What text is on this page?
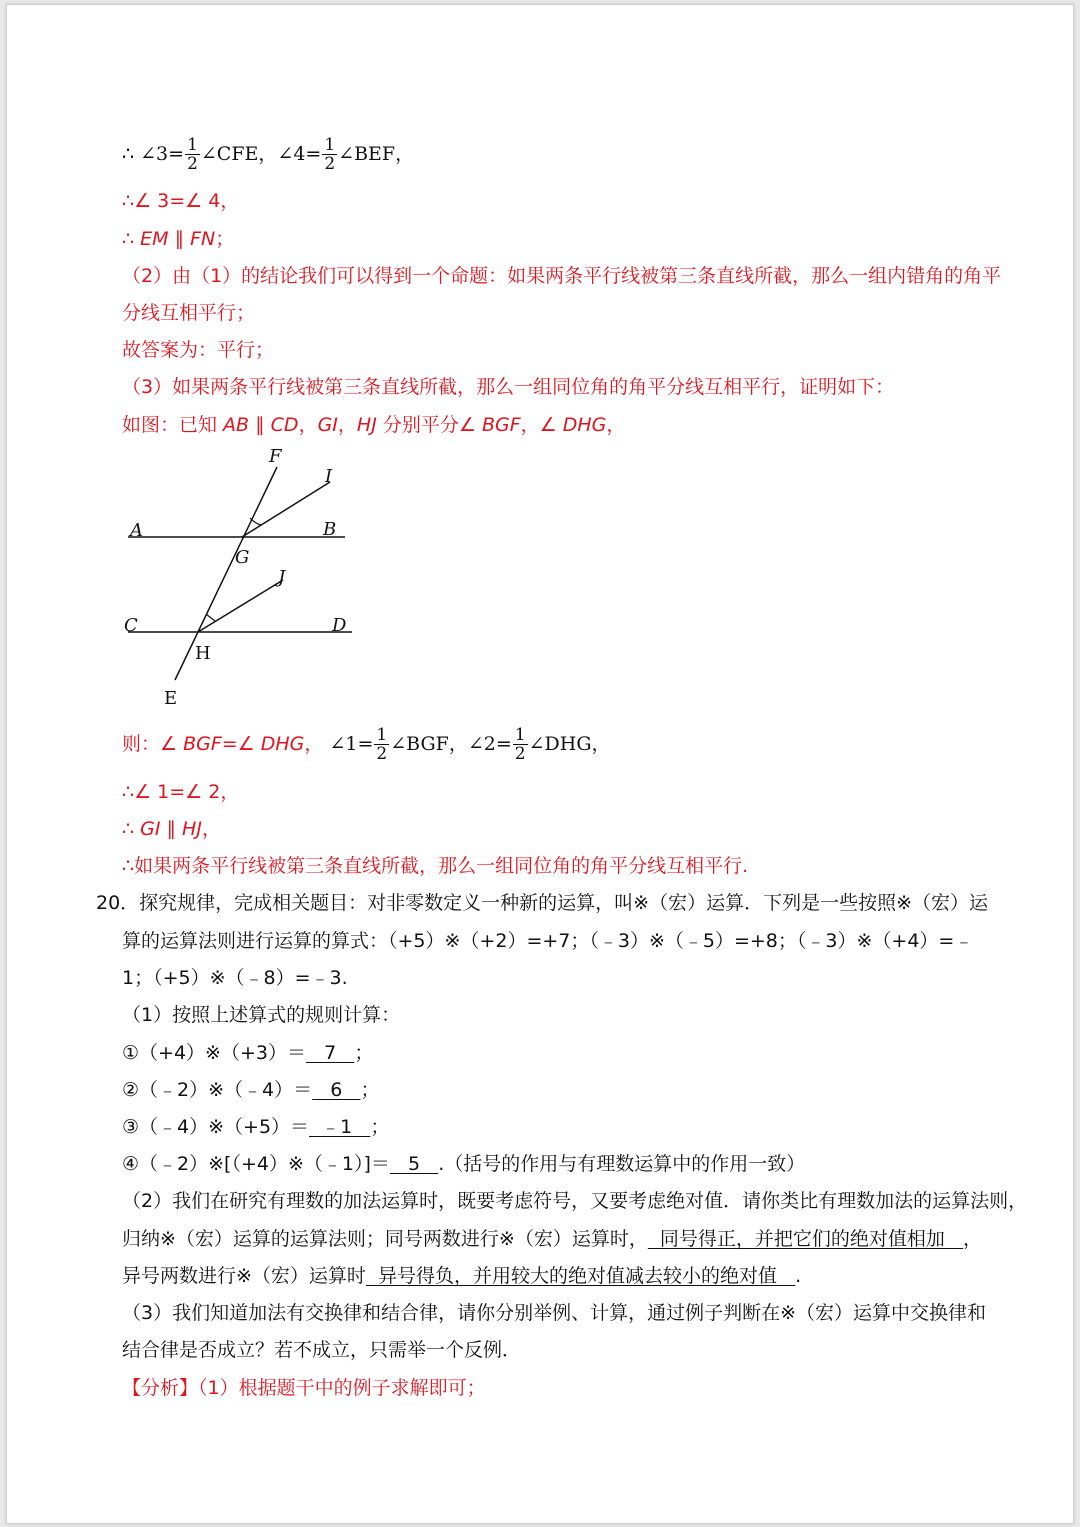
∴ ∠3= $\frac{1}{2}$ ∠CFE，∠4= $\frac{1}{2}$ ∠BEF，
∴∠ 3=∠ 4，
∴ EM ∥ FN；
（2）由（1）的结论我们可以得到一个命题：如果两条平行线被第三条直线所截，那么一组内错角的角平
分线互相平行；
故答案为：平行；
（3）如果两条平行线被第三条直线所截，那么一组同位角的角平分线互相平行，证明如下：
如图：已知 AB ∥ CD，GI，HJ 分别平分∠ BGF，∠ DHG，
F
I
A	B
G
J
C	D
H
E
则：∠ BGF=∠ DHG， ∠1= $\frac{1}{2}$ ∠BGF，∠2= $\frac{1}{2}$ ∠DHG，
∴∠ 1=∠ 2，
∴ GI ∥ HJ，
∴如果两条平行线被第三条直线所截，那么一组同位角的角平分线互相平行.
20．探究规律，完成相关题目：对非零数定义一种新的运算，叫※（宏）运算．下列是一些按照※（宏）运
算的运算法则进行运算的算式：（+5）※（+2）=+7；（﹣3）※（﹣5）=+8；（﹣3）※（+4）=﹣
1；（+5）※（﹣8）=﹣3.
（1）按照上述算式的规则计算：
①（+4）※（+3）＝   7   ；
②（﹣2）※（﹣4）＝   6   ；
③（﹣4）※（+5）＝  ﹣1   ；
④（﹣2）※[（+4）※（﹣1）]＝   5   .（括号的作用与有理数运算中的作用一致）
（2）我们在研究有理数的加法运算时，既要考虑符号，又要考虑绝对值．请你类比有理数加法的运算法则，
归纳※（宏）运算的运算法则；同号两数进行※（宏）运算时，  同号得正，并把它们的绝对值相加   ，
异号两数进行※（宏）运算时  异号得负，并用较大的绝对值减去较小的绝对值   .
（3）我们知道加法有交换律和结合律，请你分别举例、计算，通过例子判断在※（宏）运算中交换律和
结合律是否成立？若不成立，只需举一个反例．
【分析】（1）根据题干中的例子求解即可；
